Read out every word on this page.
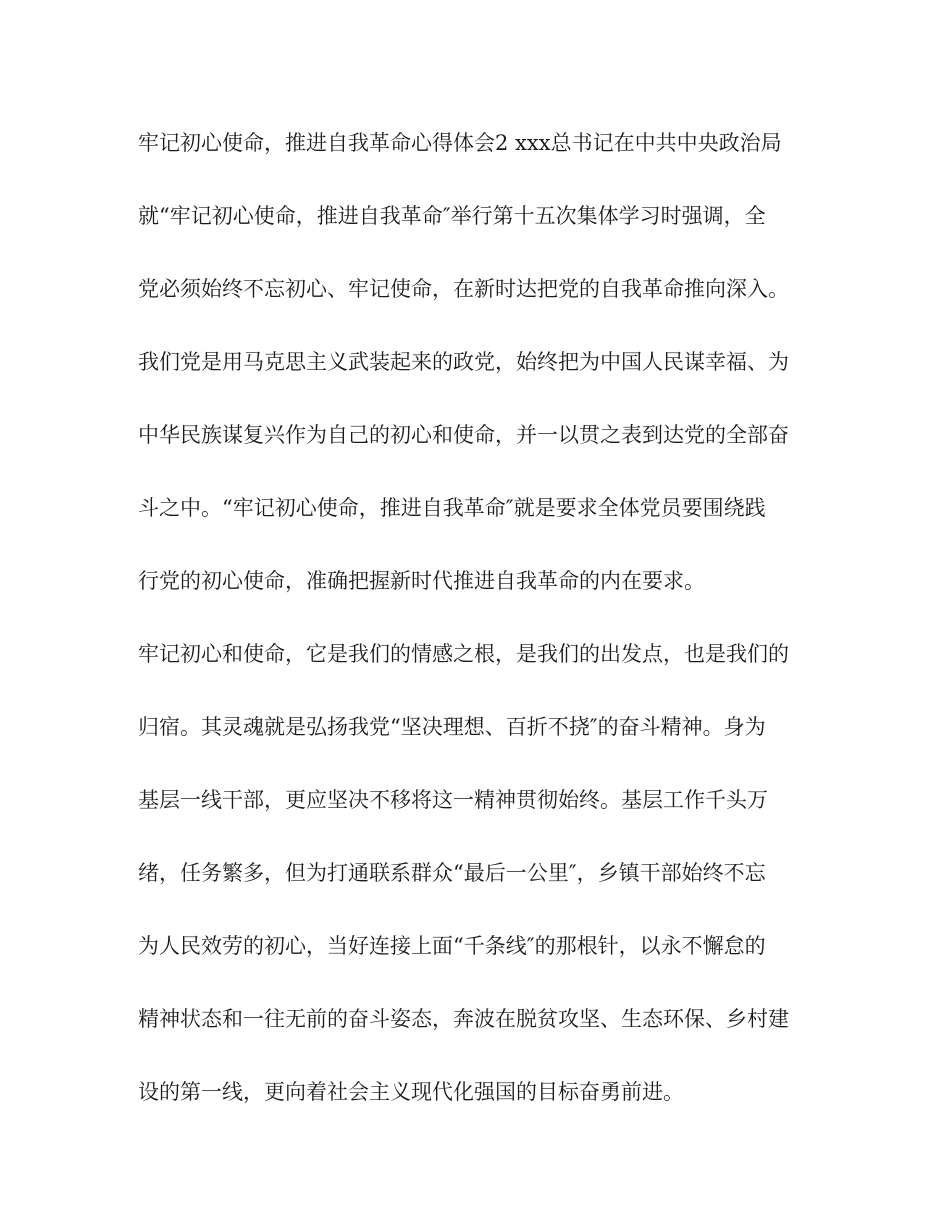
牢记初心使命，推进自我革命心得体会2 xxx总书记在中共中央政治局
就“牢记初心使命，推进自我革命″举行第十五次集体学习时强调，全
党必须始终不忘初心、牢记使命，在新时达把党的自我革命推向深入。
我们党是用马克思主义武装起来的政党，始终把为中国人民谋幸福、为
中华民族谋复兴作为自己的初心和使命，并一以贯之表到达党的全部奋
斗之中。“牢记初心使命，推进自我革命″就是要求全体党员要围绕践
行党的初心使命，准确把握新时代推进自我革命的内在要求。
牢记初心和使命，它是我们的情感之根，是我们的出发点，也是我们的
归宿。其灵魂就是弘扬我党“坚决理想、百折不挠″的奋斗精神。身为
基层一线干部，更应坚决不移将这一精神贯彻始终。基层工作千头万
绪，任务繁多，但为打通联系群众“最后一公里″，乡镇干部始终不忘
为人民效劳的初心，当好连接上面“千条线″的那根针，以永不懈怠的
精神状态和一往无前的奋斗姿态，奔波在脱贫攻坚、生态环保、乡村建
设的第一线，更向着社会主义现代化强国的目标奋勇前进。
